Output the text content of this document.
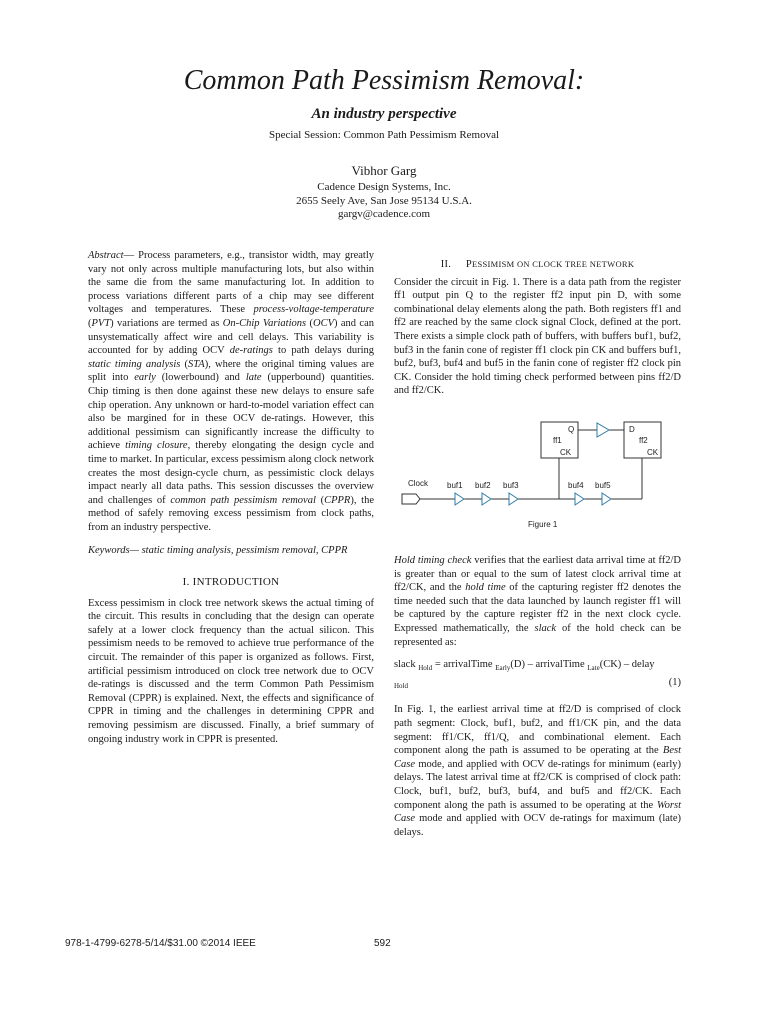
Common Path Pessimism Removal:
An industry perspective
Special Session: Common Path Pessimism Removal
Vibhor Garg
Cadence Design Systems, Inc.
2655 Seely Ave, San Jose 95134 U.S.A.
gargv@cadence.com

Abstract— Process parameters, e.g., transistor width, may greatly vary not only across multiple manufacturing lots, but also within the same die from the same manufacturing lot. In addition to process variations different parts of a chip may see different voltages and temperatures. These process-voltage-temperature (PVT) variations are termed as On-Chip Variations (OCV) and can unsystematically affect wire and cell delays. This variability is accounted for by adding OCV de-ratings to path delays during static timing analysis (STA), where the original timing values are split into early (lowerbound) and late (upperbound) quantities. Chip timing is then done against these new delays to ensure safe chip operation. Any unknown or hard-to-model variation effect can also be margined for in these OCV de-ratings. However, this additional pessimism can significantly increase the difficulty to achieve timing closure, thereby elongating the design cycle and time to market. In particular, excess pessimism along clock network creates the most design-cycle churn, as pessimistic clock delays impact nearly all data paths. This session discusses the overview and challenges of common path pessimism removal (CPPR), the method of safely removing excess pessimism from clock paths, from an industry perspective.

Keywords— static timing analysis, pessimism removal, CPPR

I. INTRODUCTION

Excess pessimism in clock tree network skews the actual timing of the circuit. This results in concluding that the design can operate safely at a lower clock frequency than the actual silicon. This pessimism needs to be removed to achieve true performance of the circuit. The remainder of this paper is organized as follows. First, artificial pessimism introduced on clock tree network due to OCV de-ratings is discussed and the term Common Path Pessimism Removal (CPPR) is explained. Next, the effects and significance of CPPR in timing and the challenges in determining CPPR and removing pessimism are discussed. Finally, a brief summary of ongoing industry work in CPPR is presented.

II. PESSIMISM ON CLOCK TREE NETWORK

Consider the circuit in Fig. 1. There is a data path from the register ff1 output pin Q to the register ff2 input pin D, with some combinational delay elements along the path. Both registers ff1 and ff2 are reached by the same clock signal Clock, defined at the port. There exists a simple clock path of buffers, with buffers buf1, buf2, buf3 in the fanin cone of register ff1 clock pin CK and buffers buf1, buf2, buf3, buf4 and buf5 in the fanin cone of register ff2 clock pin CK. Consider the hold timing check performed between pins ff2/D and ff2/CK.

Clock buf1 buf2 buf3	buf4 buf5
Q
ff1
CK
D
ff2
CK
Figure 1

Hold timing check verifies that the earliest data arrival time at ff2/D is greater than or equal to the sum of latest clock arrival time at ff2/CK, and the hold time of the capturing register ff2 denotes the time needed such that the data launched by launch register ff1 will be captured by the capture register ff2 in the next clock cycle. Expressed mathematically, the slack of the hold check can be represented as:

slack $_{Hold}$ = arrivalTime $_{Early}$(D) – arrivalTime $_{Late}$(CK) – delay
$_{Hold}$	(1)

In Fig. 1, the earliest arrival time at ff2/D is comprised of clock path segment: Clock, buf1, buf2, and ff1/CK pin, and the data segment: ff1/CK, ff1/Q, and combinational element. Each component along the path is assumed to be operating at the Best Case mode, and applied with OCV de-ratings for minimum (early) delays. The latest arrival time at ff2/CK is comprised of clock path: Clock, buf1, buf2, buf3, buf4, and buf5 and ff2/CK. Each component along the path is assumed to be operating at the Worst Case mode and applied with OCV de-ratings for maximum (late) delays.

978-1-4799-6278-5/14/$31.00 ©2014 IEEE	592
